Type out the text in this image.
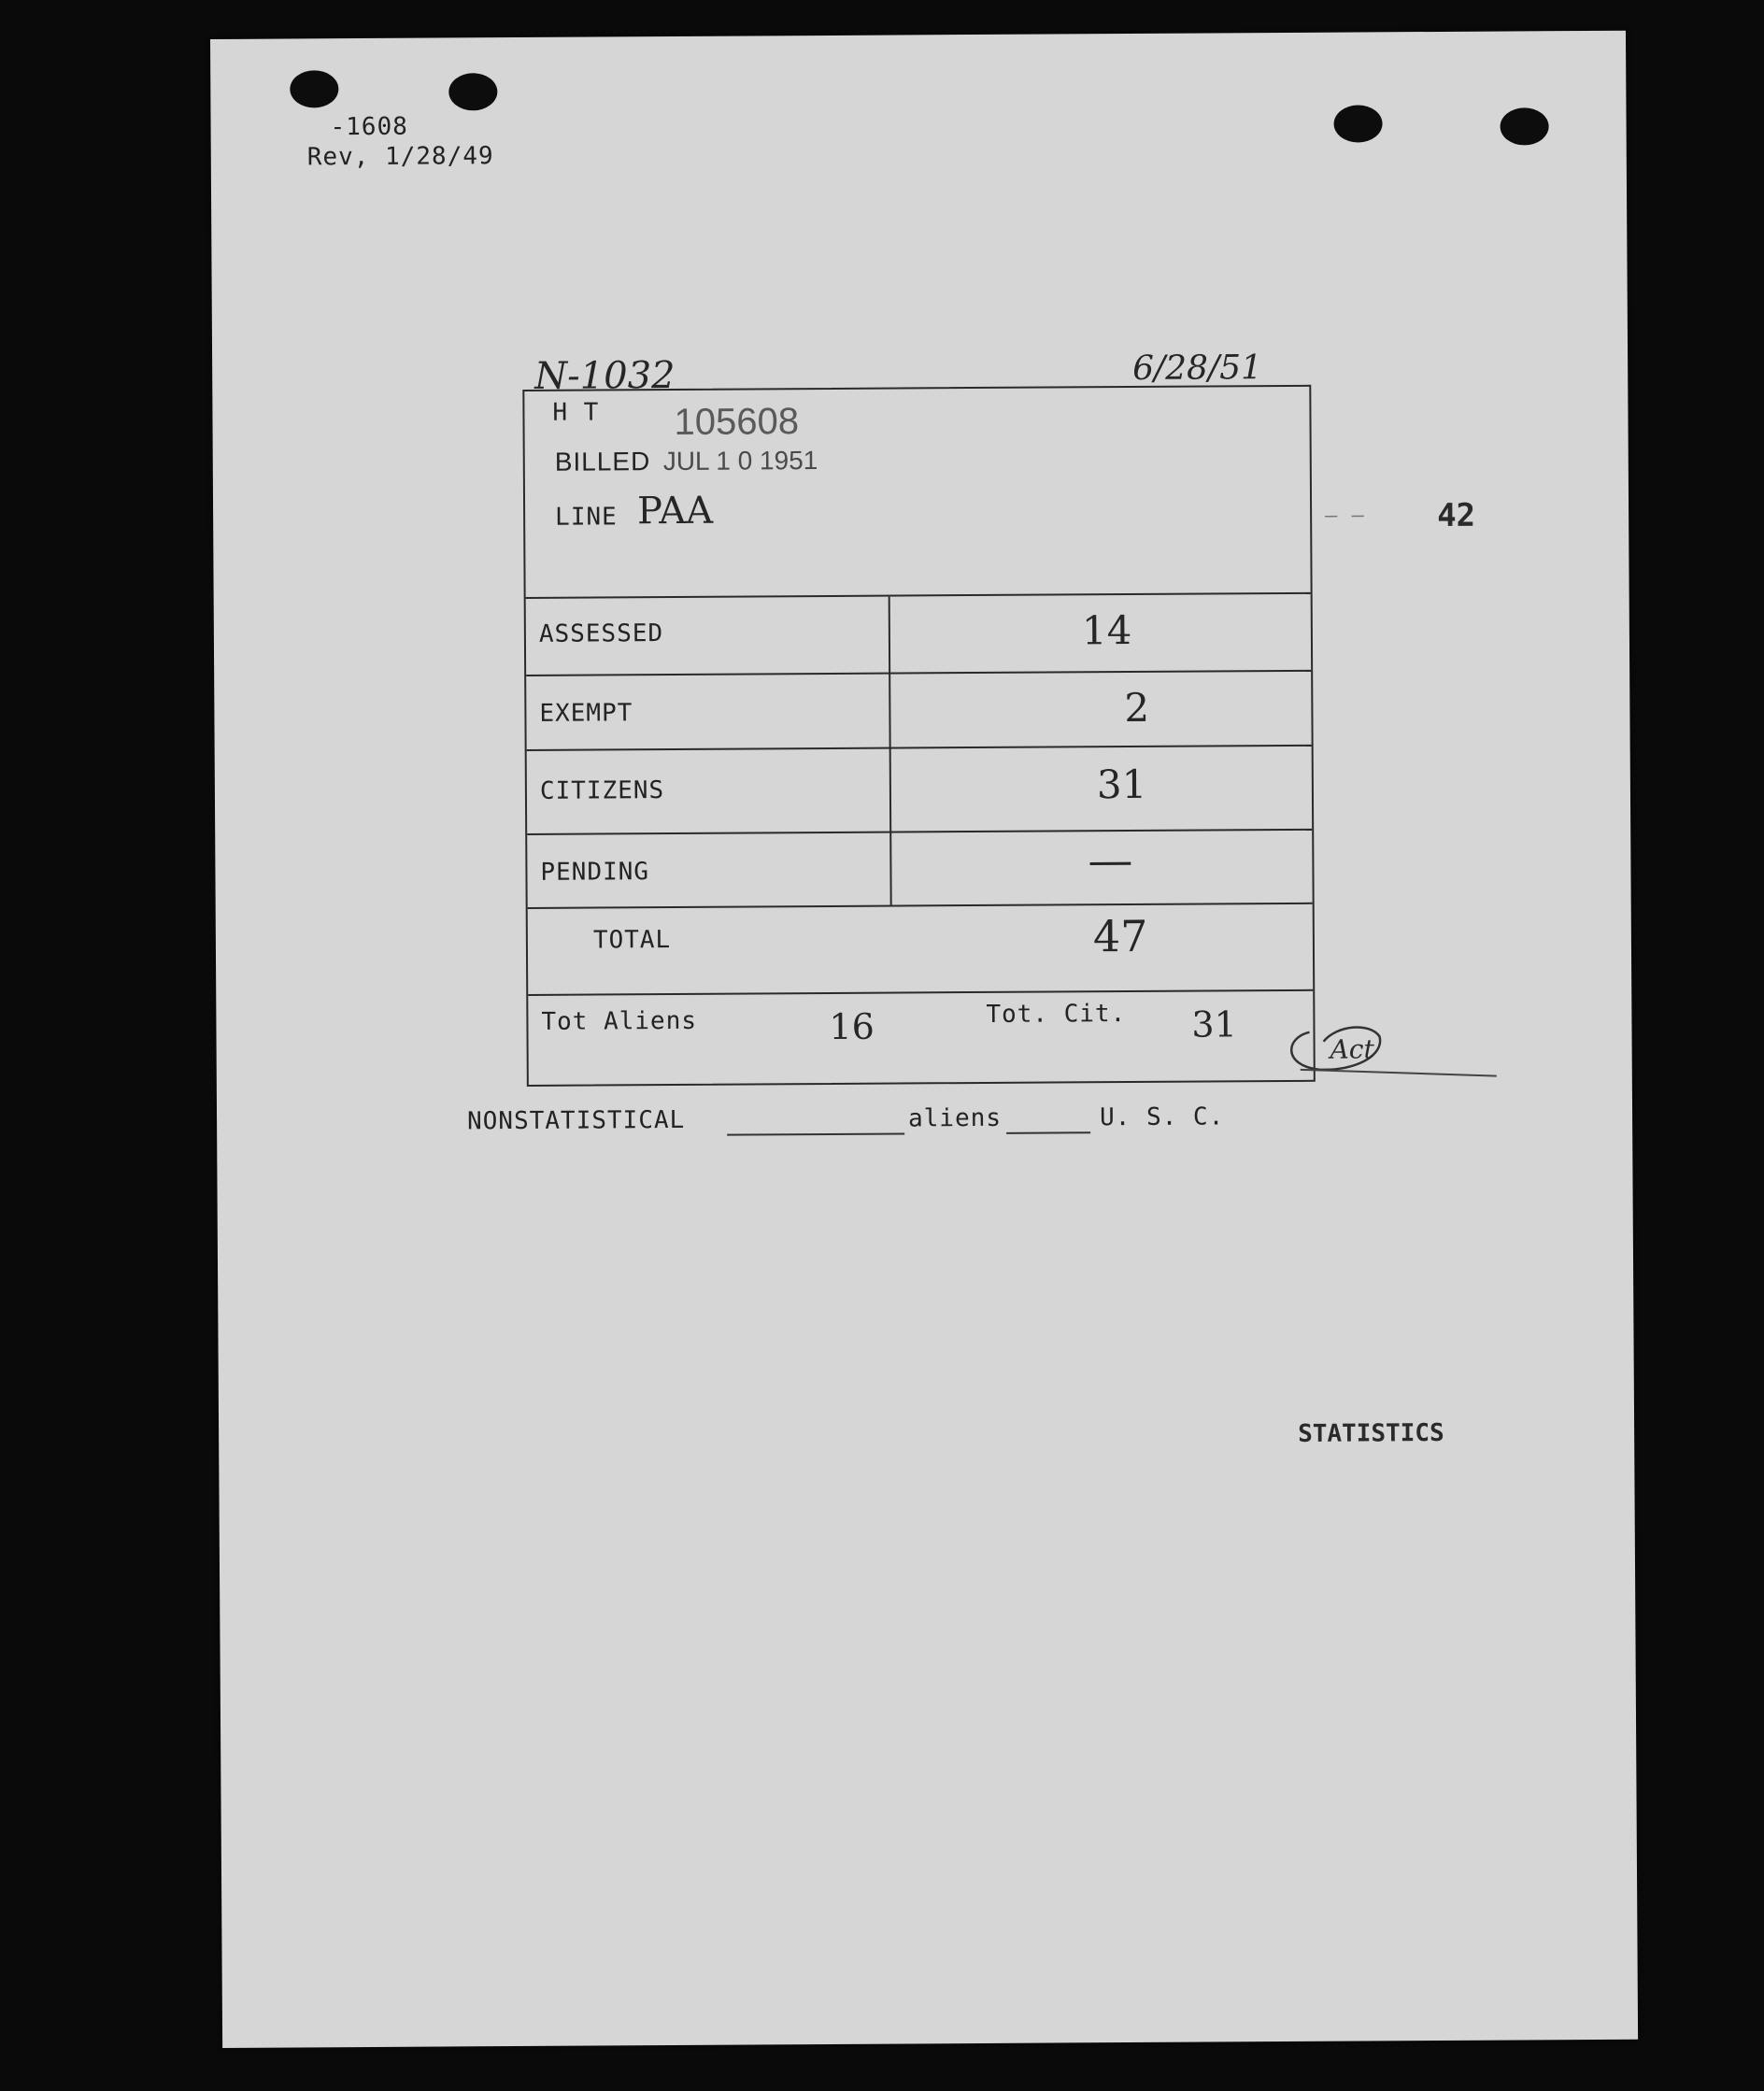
-1608
Rev, 1/28/49
N-1032	6/28/51
H T 105608
BILLED JUL 1 0 1951
LINE PAA
ASSESSED	14
EXEMPT	2
CITIZENS	31
PENDING	—
TOTAL	47
Tot Aliens	16	Tot. Cit. 31
Act
— — 42
NONSTATISTICAL	aliens	U. S. C.
STATISTICS
